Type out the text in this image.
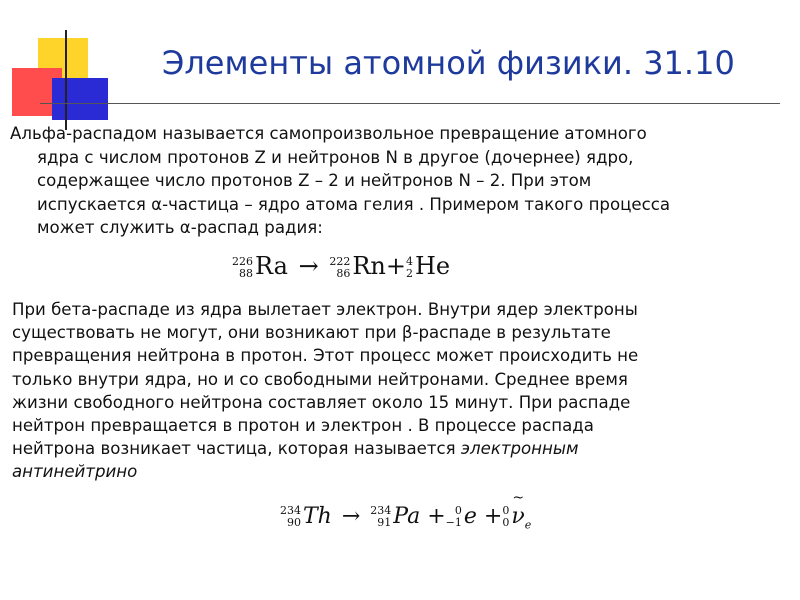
Элементы атомной физики. 31.10
Альфа-распадом называется самопроизвольное превращение атомного
ядра с числом протонов Z и нейтронов N в другое (дочернее) ядро,
содержащее число протонов Z – 2 и нейтронов N – 2. При этом
испускается α-частица – ядро атома гелия . Примером такого процесса
может служить α-распад радия:
226
88 Ra → 222
86 Rn+ 4
2 He
При бета-распаде из ядра вылетает электрон. Внутри ядер электроны
существовать не могут, они возникают при β-распаде в результате
превращения нейтрона в протон. Этот процесс может происходить не
только внутри ядра, но и со свободными нейтронами. Среднее время
жизни свободного нейтрона составляет около 15 минут. При распаде
нейтрон превращается в протон и электрон . В процессе распада
нейтрона возникает частица, которая называется электронным
антинейтрино
234
90 Th → 234
91 Pa + 0
−1 e + 0
0
~
$\nu_e$
